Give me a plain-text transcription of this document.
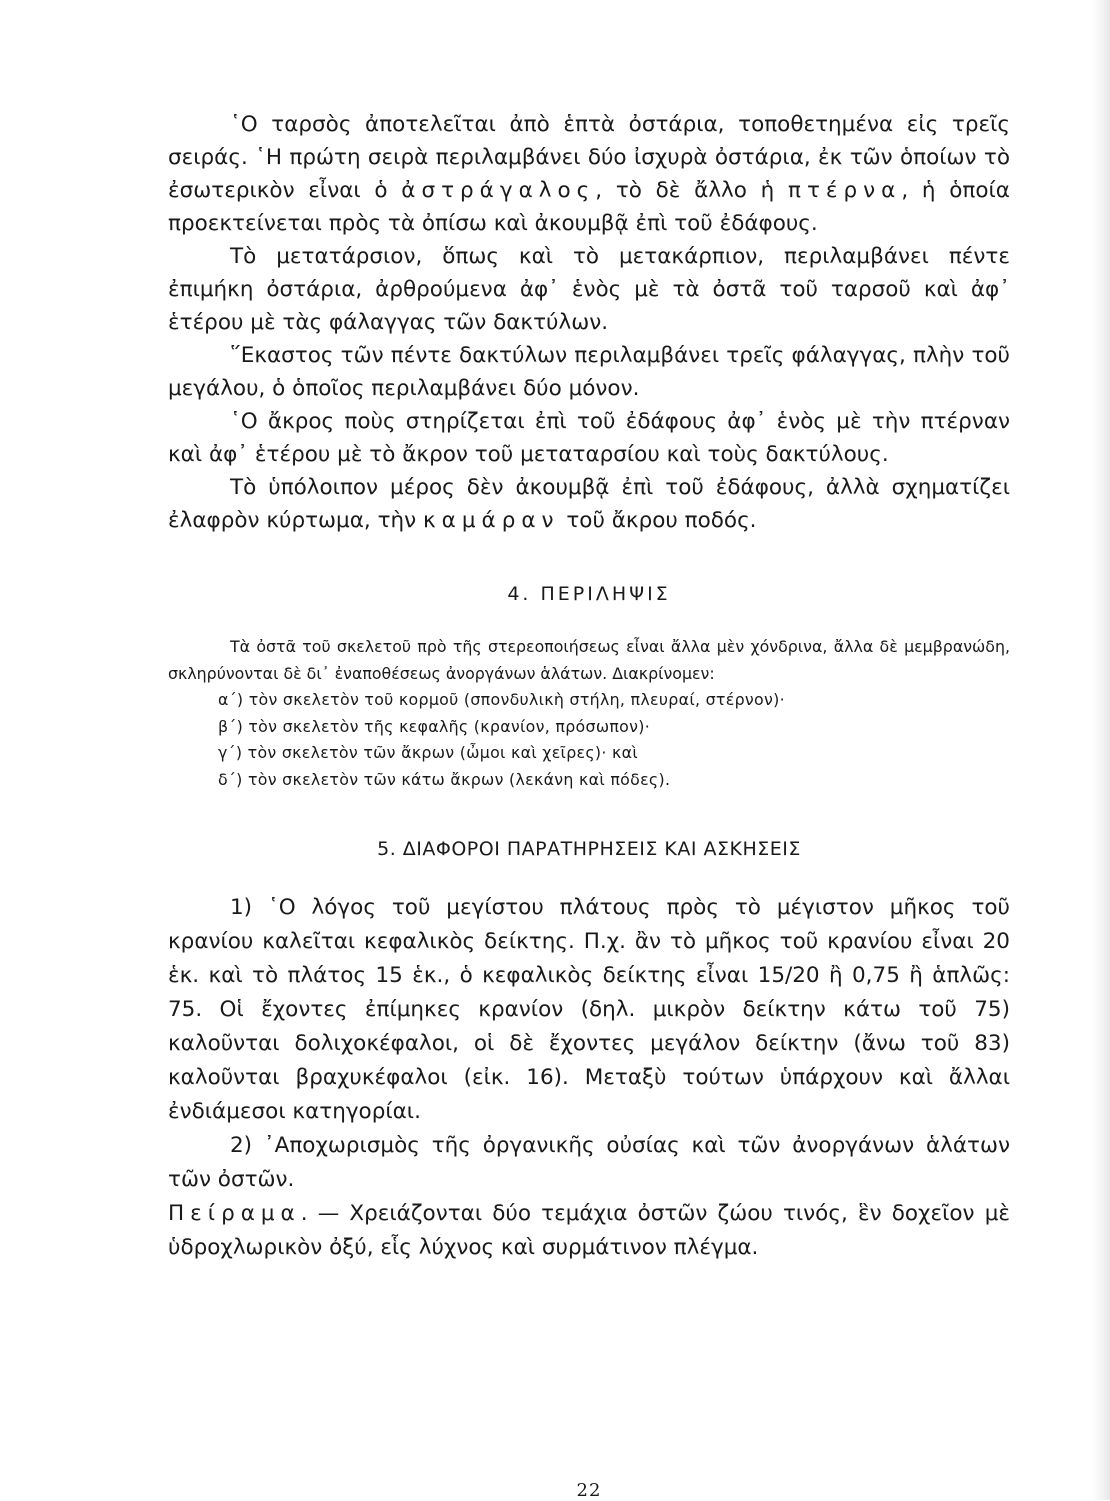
῾Ο ταρσὸς ἀποτελεῖται ἀπὸ ἑπτὰ ὀστάρια, τοποθετημένα εἰς τρεῖς σειράς. ῾Η πρώτη σειρὰ περιλαμβάνει δύο ἰσχυρὰ ὀστάρια, ἐκ τῶν ὁποίων τὸ ἐσωτερικὸν εἶναι ὁ ἀστράγαλος, τὸ δὲ ἄλλο ἡ πτέρνα, ἡ ὁποία προεκτείνεται πρὸς τὰ ὀπίσω καὶ ἀκουμβᾷ ἐπὶ τοῦ ἐδάφους.

Τὸ μετατάρσιον, ὅπως καὶ τὸ μετακάρπιον, περιλαμβάνει πέντε ἐπιμήκη ὀστάρια, ἀρθρούμενα ἀφ᾿ ἑνὸς μὲ τὰ ὀστᾶ τοῦ ταρσοῦ καὶ ἀφ᾿ ἑτέρου μὲ τὰς φάλαγγας τῶν δακτύλων.

῞Εκαστος τῶν πέντε δακτύλων περιλαμβάνει τρεῖς φάλαγγας, πλὴν τοῦ μεγάλου, ὁ ὁποῖος περιλαμβάνει δύο μόνον.

῾Ο ἄκρος ποὺς στηρίζεται ἐπὶ τοῦ ἐδάφους ἀφ᾿ ἑνὸς μὲ τὴν πτέρναν καὶ ἀφ᾿ ἑτέρου μὲ τὸ ἄκρον τοῦ μεταταρσίου καὶ τοὺς δακτύλους.

Τὸ ὑπόλοιπον μέρος δὲν ἀκουμβᾷ ἐπὶ τοῦ ἐδάφους, ἀλλὰ σχηματίζει ἐλαφρὸν κύρτωμα, τὴν καμάραν τοῦ ἄκρου ποδός.

4. ΠΕΡΙΛΗΨΙΣ

Τὰ ὀστᾶ τοῦ σκελετοῦ πρὸ τῆς στερεοποιήσεως εἶναι ἄλλα μὲν χόνδρινα, ἄλλα δὲ μεμβρανώδη, σκληρύνονται δὲ δι᾿ ἐναποθέσεως ἀνοργάνων ἁλάτων. Διακρίνομεν:

α΄) τὸν σκελετὸν τοῦ κορμοῦ (σπονδυλικὴ στήλη, πλευραί, στέρνον)·
β΄) τὸν σκελετὸν τῆς κεφαλῆς (κρανίον, πρόσωπον)·
γ΄) τὸν σκελετὸν τῶν ἄκρων (ὦμοι καὶ χεῖρες)· καὶ
δ΄) τὸν σκελετὸν τῶν κάτω ἄκρων (λεκάνη καὶ πόδες).
5. ΔΙΑΦΟΡΟΙ ΠΑΡΑΤΗΡΗΣΕΙΣ ΚΑΙ ΑΣΚΗΣΕΙΣ

1) ῾Ο λόγος τοῦ μεγίστου πλάτους πρὸς τὸ μέγιστον μῆκος τοῦ κρανίου καλεῖται κεφαλικὸς δείκτης. Π.χ. ἂν τὸ μῆκος τοῦ κρανίου εἶναι 20 ἑκ. καὶ τὸ πλάτος 15 ἑκ., ὁ κεφαλικὸς δείκτης εἶναι 15/20 ἢ 0,75 ἢ ἁπλῶς: 75. Οἱ ἔχοντες ἐπίμηκες κρανίον (δηλ. μικρὸν δείκτην κάτω τοῦ 75) καλοῦνται δολιχοκέφαλοι, οἱ δὲ ἔχοντες μεγάλον δείκτην (ἄνω τοῦ 83) καλοῦνται βραχυκέφαλοι (εἰκ. 16). Μεταξὺ τούτων ὑπάρχουν καὶ ἄλλαι ἐνδιάμεσοι κατηγορίαι.

2) ᾿Αποχωρισμὸς τῆς ὀργανικῆς οὐσίας καὶ τῶν ἀνοργάνων ἁλάτων τῶν ὀστῶν.

Πείραμα. — Χρειάζονται δύο τεμάχια ὀστῶν ζώου τινός, ἓν δοχεῖον μὲ ὑδροχλωρικὸν ὀξύ, εἷς λύχνος καὶ συρμάτινον πλέγμα.

22
